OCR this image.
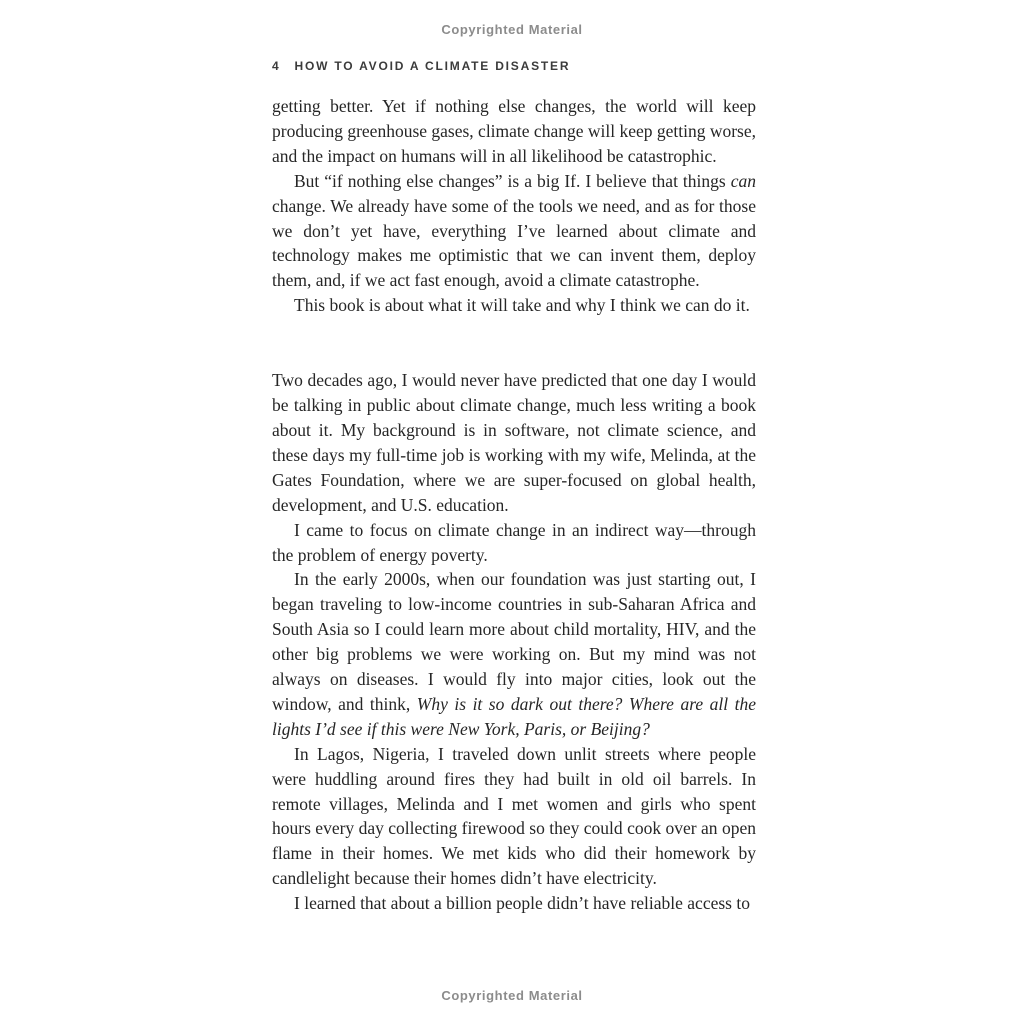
Copyrighted Material
4 HOW TO AVOID A CLIMATE DISASTER

getting better. Yet if nothing else changes, the world will keep producing greenhouse gases, climate change will keep getting worse, and the impact on humans will in all likelihood be catastrophic.

But “if nothing else changes” is a big If. I believe that things can change. We already have some of the tools we need, and as for those we don’t yet have, everything I’ve learned about climate and technology makes me optimistic that we can invent them, deploy them, and, if we act fast enough, avoid a climate catastrophe.

This book is about what it will take and why I think we can do it.

Two decades ago, I would never have predicted that one day I would be talking in public about climate change, much less writing a book about it. My background is in software, not climate science, and these days my full-time job is working with my wife, Melinda, at the Gates Foundation, where we are super-focused on global health, development, and U.S. education.

I came to focus on climate change in an indirect way—through the problem of energy poverty.

In the early 2000s, when our foundation was just starting out, I began traveling to low-income countries in sub-Saharan Africa and South Asia so I could learn more about child mortality, HIV, and the other big problems we were working on. But my mind was not always on diseases. I would fly into major cities, look out the window, and think, Why is it so dark out there? Where are all the lights I’d see if this were New York, Paris, or Beijing?

In Lagos, Nigeria, I traveled down unlit streets where people were huddling around fires they had built in old oil barrels. In remote villages, Melinda and I met women and girls who spent hours every day collecting firewood so they could cook over an open flame in their homes. We met kids who did their homework by candlelight because their homes didn’t have electricity.

I learned that about a billion people didn’t have reliable access to

Copyrighted Material
